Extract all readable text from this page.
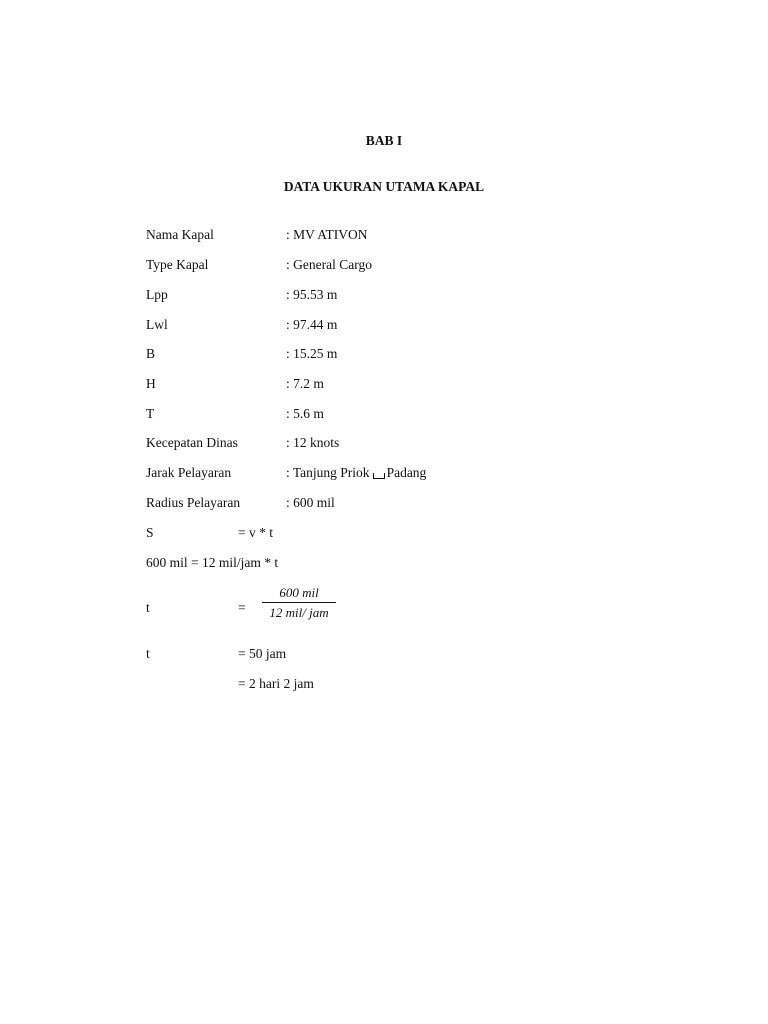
BAB I
DATA UKURAN UTAMA KAPAL
Nama Kapal	: MV ATIVON
Type Kapal	: General Cargo
Lpp	: 95.53 m
Lwl	: 97.44 m
B	: 15.25 m
H	: 7.2 m
T	: 5.6 m
Kecepatan Dinas	: 12 knots
Jarak Pelayaran	: Tanjung Priok Padang
Radius Pelayaran	: 600 mil
S	= v * t
600 mil = 12 mil/jam * t
t	=
600 mil
12 mil/ jam
t	= 50 jam
= 2 hari 2 jam
